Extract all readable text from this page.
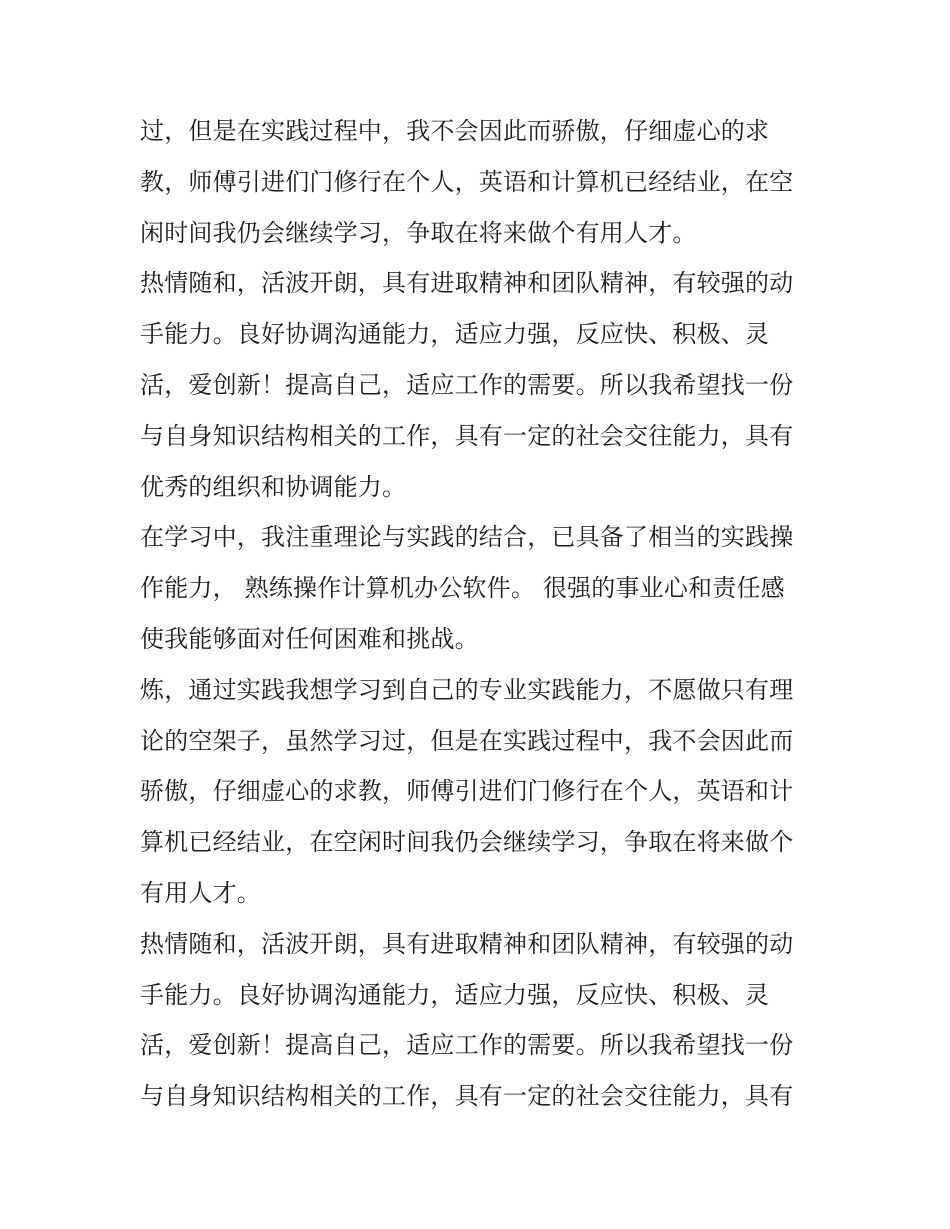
过，但是在实践过程中，我不会因此而骄傲，仔细虚心的求
教，师傅引进们门修行在个人，英语和计算机已经结业，在空
闲时间我仍会继续学习，争取在将来做个有用人才。
热情随和，活波开朗，具有进取精神和团队精神，有较强的动
手能力。良好协调沟通能力，适应力强，反应快、积极、灵
活，爱创新！提高自己，适应工作的需要。所以我希望找一份
与自身知识结构相关的工作，具有一定的社会交往能力，具有
优秀的组织和协调能力。
在学习中，我注重理论与实践的结合，已具备了相当的实践操
作能力， 熟练操作计算机办公软件。 很强的事业心和责任感
使我能够面对任何困难和挑战。
炼，通过实践我想学习到自己的专业实践能力，不愿做只有理
论的空架子，虽然学习过，但是在实践过程中，我不会因此而
骄傲，仔细虚心的求教，师傅引进们门修行在个人，英语和计
算机已经结业，在空闲时间我仍会继续学习，争取在将来做个
有用人才。
热情随和，活波开朗，具有进取精神和团队精神，有较强的动
手能力。良好协调沟通能力，适应力强，反应快、积极、灵
活，爱创新！提高自己，适应工作的需要。所以我希望找一份
与自身知识结构相关的工作，具有一定的社会交往能力，具有
